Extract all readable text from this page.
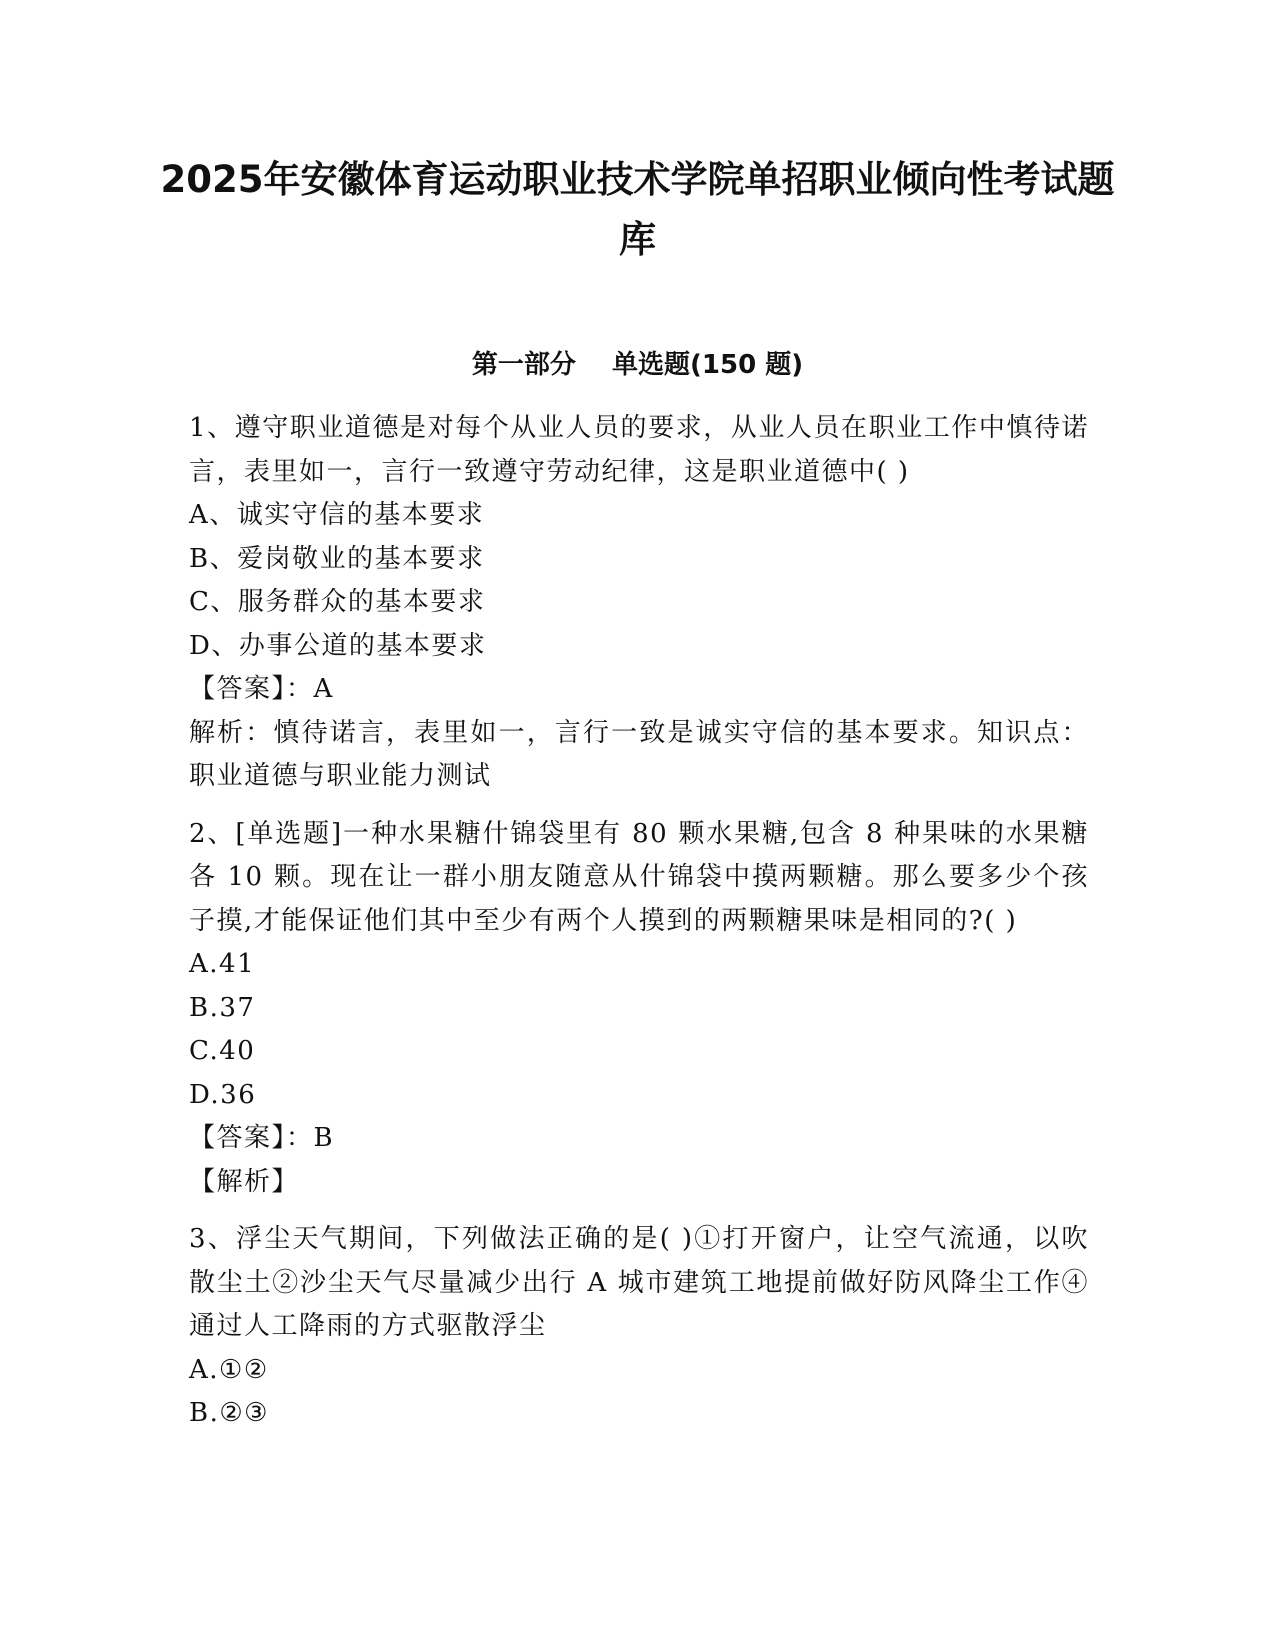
2025年安徽体育运动职业技术学院单招职业倾向性考试题库
第一部分    单选题(150 题)

1、遵守职业道德是对每个从业人员的要求，从业人员在职业工作中慎待诺言，表里如一，言行一致遵守劳动纪律，这是职业道德中( )

A、诚实守信的基本要求

B、爱岗敬业的基本要求

C、服务群众的基本要求

D、办事公道的基本要求

【答案】：A

解析：慎待诺言，表里如一，言行一致是诚实守信的基本要求。知识点：职业道德与职业能力测试

2、[单选题]一种水果糖什锦袋里有 80 颗水果糖,包含 8 种果味的水果糖各 10 颗。现在让一群小朋友随意从什锦袋中摸两颗糖。那么要多少个孩子摸,才能保证他们其中至少有两个人摸到的两颗糖果味是相同的?( )

A.41

B.37

C.40

D.36

【答案】：B

【解析】

3、浮尘天气期间，下列做法正确的是( )①打开窗户，让空气流通，以吹散尘土②沙尘天气尽量减少出行 A 城市建筑工地提前做好防风降尘工作④通过人工降雨的方式驱散浮尘

A.①②

B.②③
